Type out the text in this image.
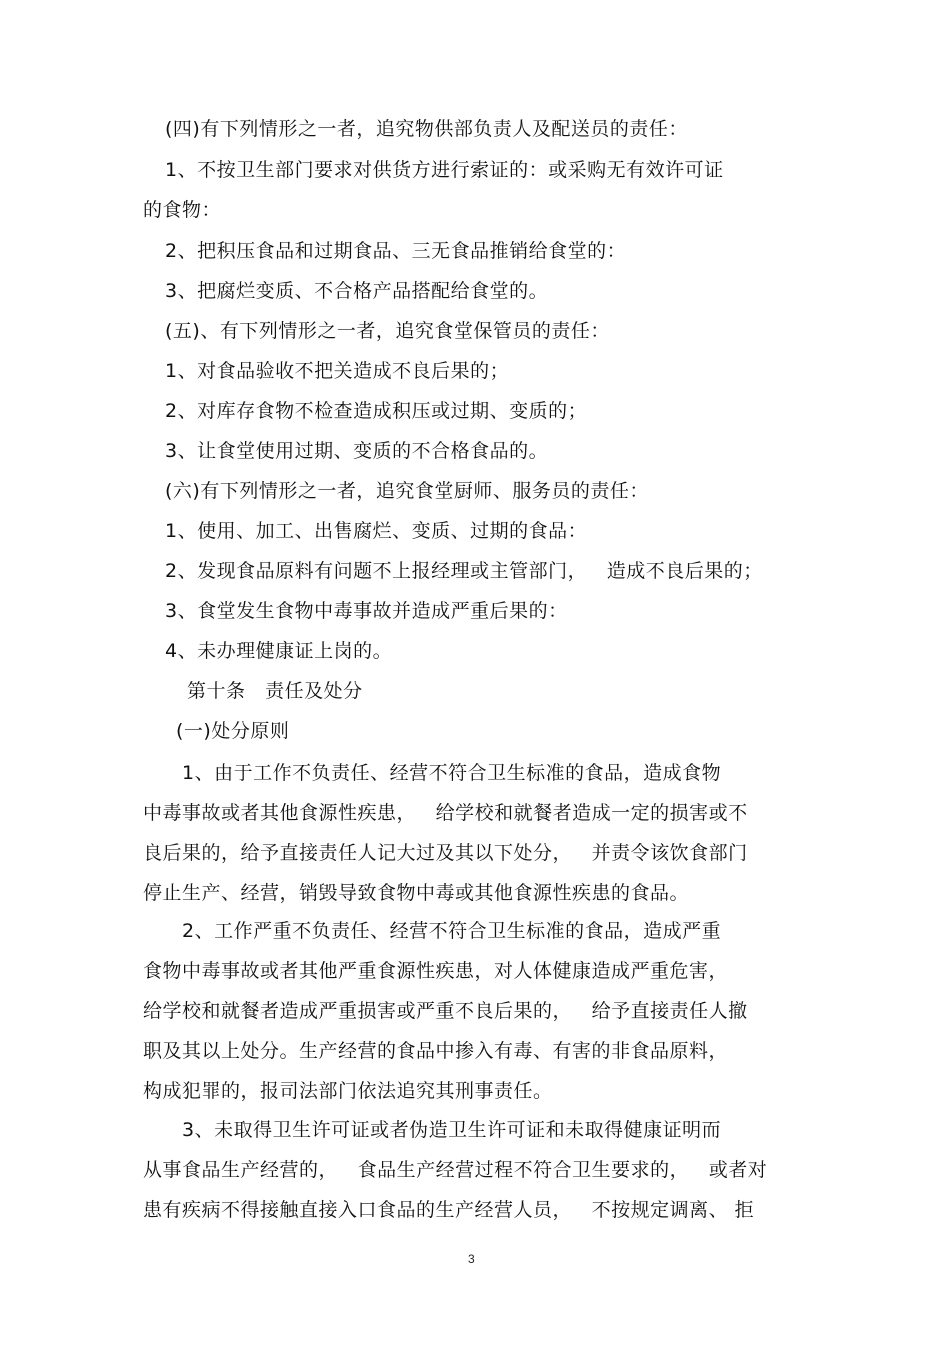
(四)有下列情形之一者，追究物供部负责人及配送员的责任：
1、不按卫生部门要求对供货方进行索证的：或采购无有效许可证
的食物：
2、把积压食品和过期食品、三无食品推销给食堂的：
3、把腐烂变质、不合格产品搭配给食堂的。
(五)、有下列情形之一者，追究食堂保管员的责任：
1、对食品验收不把关造成不良后果的；
2、对库存食物不检查造成积压或过期、变质的；
3、让食堂使用过期、变质的不合格食品的。
(六)有下列情形之一者，追究食堂厨师、服务员的责任：
1、使用、加工、出售腐烂、变质、过期的食品：
2、发现食品原料有问题不上报经理或主管部门，   造成不良后果的；
3、食堂发生食物中毒事故并造成严重后果的：
4、未办理健康证上岗的。
第十条   责任及处分
(一)处分原则
1、由于工作不负责任、经营不符合卫生标准的食品，造成食物
中毒事故或者其他食源性疾患，   给学校和就餐者造成一定的损害或不
良后果的，给予直接责任人记大过及其以下处分，   并责令该饮食部门
停止生产、经营，销毁导致食物中毒或其他食源性疾患的食品。
2、工作严重不负责任、经营不符合卫生标准的食品，造成严重
食物中毒事故或者其他严重食源性疾患，对人体健康造成严重危害，
给学校和就餐者造成严重损害或严重不良后果的，   给予直接责任人撤
职及其以上处分。生产经营的食品中掺入有毒、有害的非食品原料，
构成犯罪的，报司法部门依法追究其刑事责任。
3、未取得卫生许可证或者伪造卫生许可证和未取得健康证明而
从事食品生产经营的，   食品生产经营过程不符合卫生要求的，   或者对
患有疾病不得接触直接入口食品的生产经营人员，   不按规定调离、 拒
3
